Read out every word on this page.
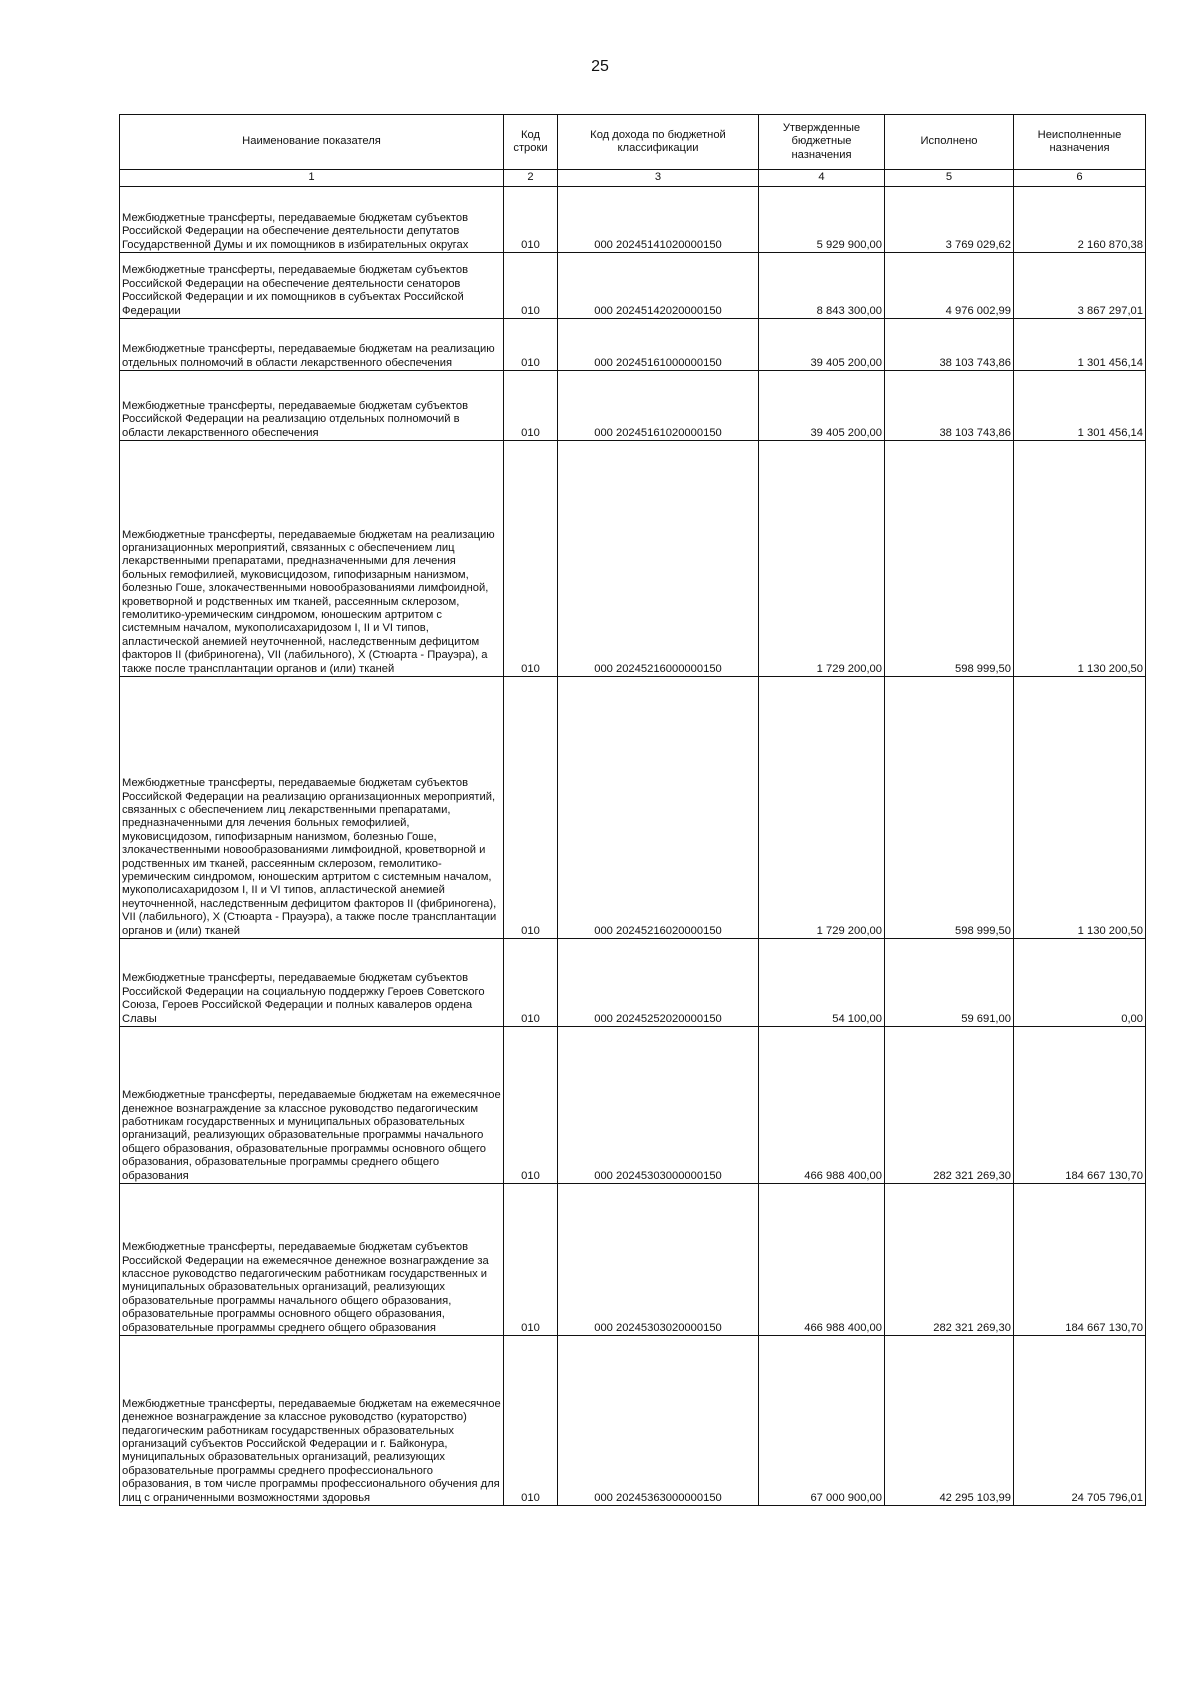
25
Наименование показателя	Код строки	Код дохода по бюджетной классификации	Утвержденные бюджетные назначения	Исполнено	Неисполненные назначения
1	2	3	4	5	6
Межбюджетные трансферты, передаваемые бюджетам субъектов Российской Федерации на обеспечение деятельности депутатов Государственной Думы и их помощников в избирательных округах	010	000 20245141020000150	5 929 900,00	3 769 029,62	2 160 870,38
Межбюджетные трансферты, передаваемые бюджетам субъектов Российской Федерации на обеспечение деятельности сенаторов Российской Федерации и их помощников в субъектах Российской Федерации	010	000 20245142020000150	8 843 300,00	4 976 002,99	3 867 297,01
Межбюджетные трансферты, передаваемые бюджетам на реализацию отдельных полномочий в области лекарственного обеспечения	010	000 20245161000000150	39 405 200,00	38 103 743,86	1 301 456,14
Межбюджетные трансферты, передаваемые бюджетам субъектов Российской Федерации на реализацию отдельных полномочий в области лекарственного обеспечения	010	000 20245161020000150	39 405 200,00	38 103 743,86	1 301 456,14
Межбюджетные трансферты, передаваемые бюджетам на реализацию организационных мероприятий, связанных с обеспечением лиц лекарственными препаратами, предназначенными для лечения больных гемофилией, муковисцидозом, гипофизарным нанизмом, болезнью Гоше, злокачественными новообразованиями лимфоидной, кроветворной и родственных им тканей, рассеянным склерозом, гемолитико-уремическим синдромом, юношеским артритом с системным началом, мукополисахаридозом I, II и VI типов, апластической анемией неуточненной, наследственным дефицитом факторов II (фибриногена), VII (лабильного), X (Стюарта - Прауэра), а также после трансплантации органов и (или) тканей	010	000 20245216000000150	1 729 200,00	598 999,50	1 130 200,50
Межбюджетные трансферты, передаваемые бюджетам субъектов Российской Федерации на реализацию организационных мероприятий, связанных с обеспечением лиц лекарственными препаратами, предназначенными для лечения больных гемофилией, муковисцидозом, гипофизарным нанизмом, болезнью Гоше, злокачественными новообразованиями лимфоидной, кроветворной и родственных им тканей, рассеянным склерозом, гемолитико-уремическим синдромом, юношеским артритом с системным началом, мукополисахаридозом I, II и VI типов, апластической анемией неуточненной, наследственным дефицитом факторов II (фибриногена), VII (лабильного), X (Стюарта - Прауэра), а также после трансплантации органов и (или) тканей	010	000 20245216020000150	1 729 200,00	598 999,50	1 130 200,50
Межбюджетные трансферты, передаваемые бюджетам субъектов Российской Федерации на социальную поддержку Героев Советского Союза, Героев Российской Федерации и полных кавалеров ордена Славы	010	000 20245252020000150	54 100,00	59 691,00	0,00
Межбюджетные трансферты, передаваемые бюджетам на ежемесячное денежное вознаграждение за классное руководство педагогическим работникам государственных и муниципальных образовательных организаций, реализующих образовательные программы начального общего образования, образовательные программы основного общего образования, образовательные программы среднего общего образования	010	000 20245303000000150	466 988 400,00	282 321 269,30	184 667 130,70
Межбюджетные трансферты, передаваемые бюджетам субъектов Российской Федерации на ежемесячное денежное вознаграждение за классное руководство педагогическим работникам государственных и муниципальных образовательных организаций, реализующих образовательные программы начального общего образования, образовательные программы основного общего образования, образовательные программы среднего общего образования	010	000 20245303020000150	466 988 400,00	282 321 269,30	184 667 130,70
Межбюджетные трансферты, передаваемые бюджетам на ежемесячное денежное вознаграждение за классное руководство (кураторство) педагогическим работникам государственных образовательных организаций субъектов Российской Федерации и г. Байконура, муниципальных образовательных организаций, реализующих образовательные программы среднего профессионального образования, в том числе программы профессионального обучения для лиц с ограниченными возможностями здоровья	010	000 20245363000000150	67 000 900,00	42 295 103,99	24 705 796,01
